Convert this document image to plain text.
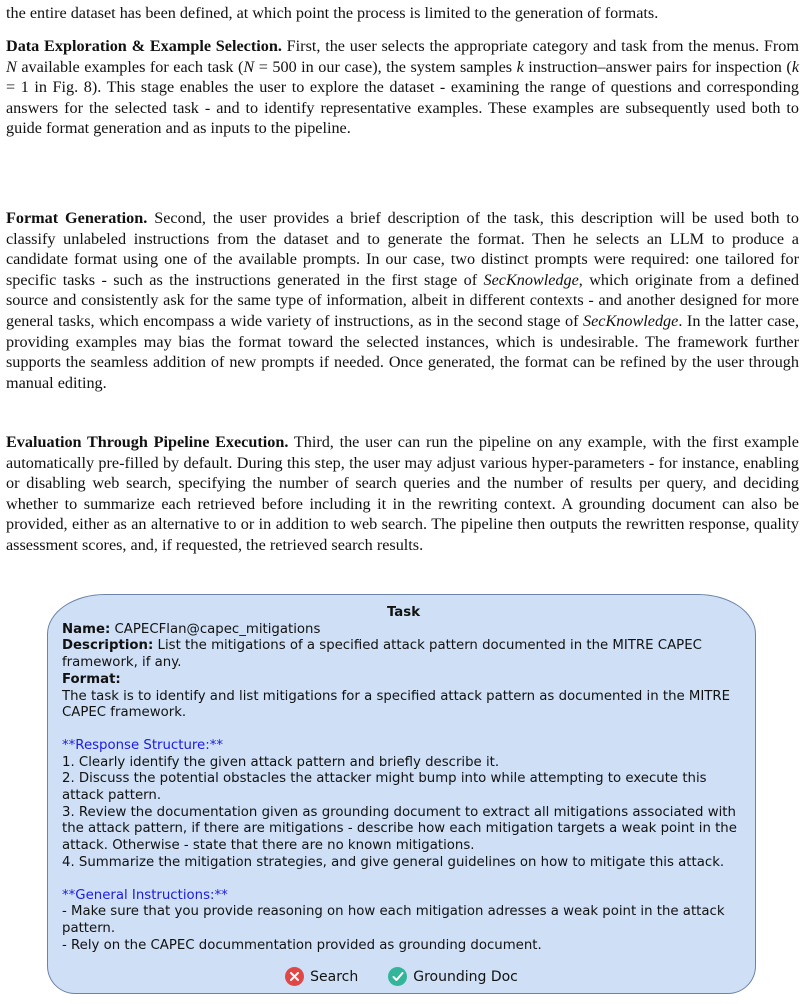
the entire dataset has been defined, at which point the process is limited to the generation of formats.

Data Exploration & Example Selection. First, the user selects the appropriate category and task from the menus. From N available examples for each task (N = 500 in our case), the system samples k instruction–answer pairs for inspection (k = 1 in Fig. 8). This stage enables the user to explore the dataset - examining the range of questions and corresponding answers for the selected task - and to identify representative examples. These examples are subsequently used both to guide format generation and as inputs to the pipeline.

Format Generation. Second, the user provides a brief description of the task, this description will be used both to classify unlabeled instructions from the dataset and to generate the format. Then he selects an LLM to produce a candidate format using one of the available prompts. In our case, two distinct prompts were required: one tailored for specific tasks - such as the instructions generated in the first stage of SecKnowledge, which originate from a defined source and consistently ask for the same type of information, albeit in different contexts - and another designed for more general tasks, which encompass a wide variety of instructions, as in the second stage of SecKnowledge. In the latter case, providing examples may bias the format toward the selected instances, which is undesirable. The framework further supports the seamless addition of new prompts if needed. Once generated, the format can be refined by the user through manual editing.

Evaluation Through Pipeline Execution. Third, the user can run the pipeline on any example, with the first example automatically pre-filled by default. During this step, the user may adjust various hyper-parameters - for instance, enabling or disabling web search, specifying the number of search queries and the number of results per query, and deciding whether to summarize each retrieved before including it in the rewriting context. A grounding document can also be provided, either as an alternative to or in addition to web search. The pipeline then outputs the rewritten response, quality assessment scores, and, if requested, the retrieved search results.

Task
Name: CAPECFlan@capec_mitigations
Description: List the mitigations of a specified attack pattern documented in the MITRE CAPEC framework, if any.
Format:
The task is to identify and list mitigations for a specified attack pattern as documented in the MITRE CAPEC framework.
**Response Structure:**
1. Clearly identify the given attack pattern and briefly describe it.
2. Discuss the potential obstacles the attacker might bump into while attempting to execute this attack pattern.
3. Review the documentation given as grounding document to extract all mitigations associated with the attack pattern, if there are mitigations - describe how each mitigation targets a weak point in the attack. Otherwise - state that there are no known mitigations.
4. Summarize the mitigation strategies, and give general guidelines on how to mitigate this attack.
**General Instructions:**
- Make sure that you provide reasoning on how each mitigation adresses a weak point in the attack pattern.
- Rely on the CAPEC docummentation provided as grounding document.
Search	Grounding Doc
